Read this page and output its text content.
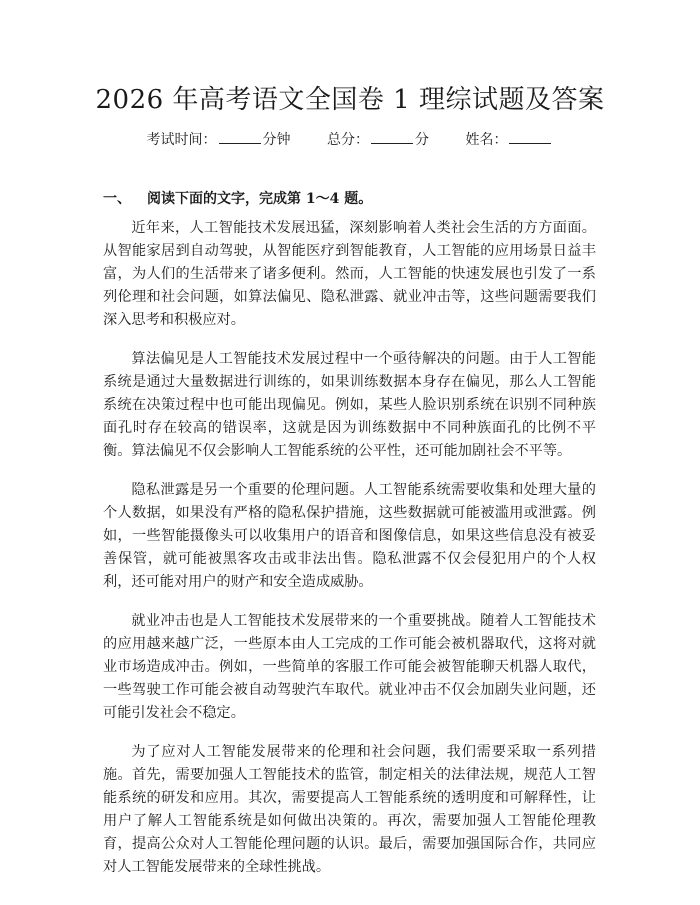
2026 年高考语文全国卷 1 理综试题及答案
考试时间：	分钟	总分：	分	姓名：
一、 阅读下面的文字，完成第 1～4 题。

近年来，人工智能技术发展迅猛，深刻影响着人类社会生活的方方面面。从智能家居到自动驾驶，从智能医疗到智能教育，人工智能的应用场景日益丰富，为人们的生活带来了诸多便利。然而，人工智能的快速发展也引发了一系列伦理和社会问题，如算法偏见、隐私泄露、就业冲击等，这些问题需要我们深入思考和积极应对。

算法偏见是人工智能技术发展过程中一个亟待解决的问题。由于人工智能系统是通过大量数据进行训练的，如果训练数据本身存在偏见，那么人工智能系统在决策过程中也可能出现偏见。例如，某些人脸识别系统在识别不同种族面孔时存在较高的错误率，这就是因为训练数据中不同种族面孔的比例不平衡。算法偏见不仅会影响人工智能系统的公平性，还可能加剧社会不平等。

隐私泄露是另一个重要的伦理问题。人工智能系统需要收集和处理大量的个人数据，如果没有严格的隐私保护措施，这些数据就可能被滥用或泄露。例如，一些智能摄像头可以收集用户的语音和图像信息，如果这些信息没有被妥善保管，就可能被黑客攻击或非法出售。隐私泄露不仅会侵犯用户的个人权利，还可能对用户的财产和安全造成威胁。

就业冲击也是人工智能技术发展带来的一个重要挑战。随着人工智能技术的应用越来越广泛，一些原本由人工完成的工作可能会被机器取代，这将对就业市场造成冲击。例如，一些简单的客服工作可能会被智能聊天机器人取代，一些驾驶工作可能会被自动驾驶汽车取代。就业冲击不仅会加剧失业问题，还可能引发社会不稳定。

为了应对人工智能发展带来的伦理和社会问题，我们需要采取一系列措施。首先，需要加强人工智能技术的监管，制定相关的法律法规，规范人工智能系统的研发和应用。其次，需要提高人工智能系统的透明度和可解释性，让用户了解人工智能系统是如何做出决策的。再次，需要加强人工智能伦理教育，提高公众对人工智能伦理问题的认识。最后，需要加强国际合作，共同应对人工智能发展带来的全球性挑战。
